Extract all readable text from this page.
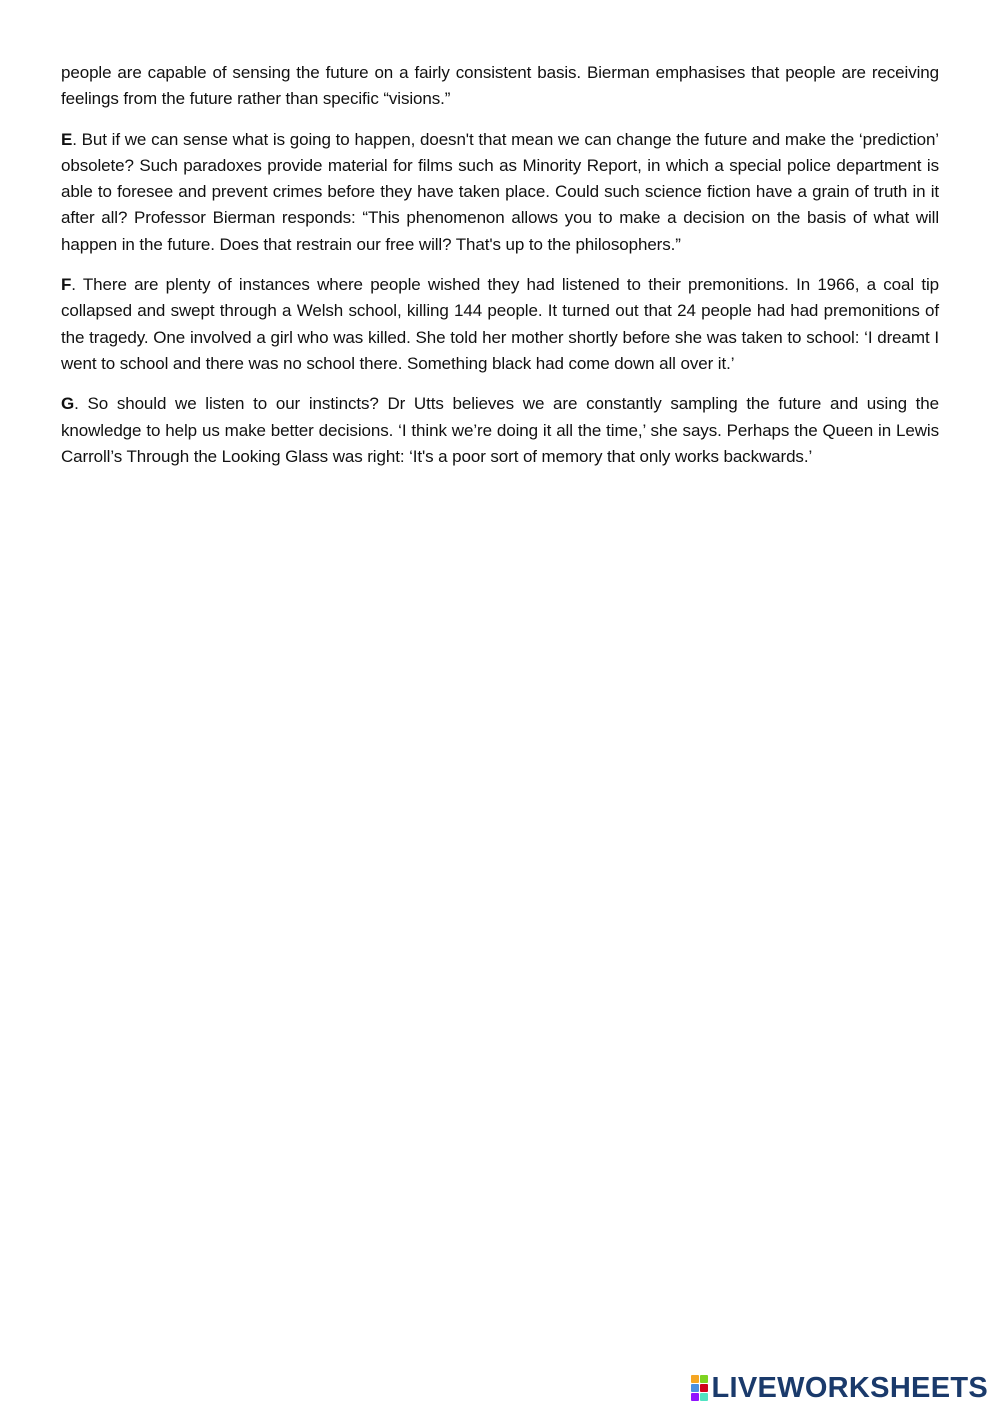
people are capable of sensing the future on a fairly consistent basis. Bierman emphasises that people are receiving feelings from the future rather than specific “visions.”

E. But if we can sense what is going to happen, doesn't that mean we can change the future and make the ‘prediction’ obsolete? Such paradoxes provide material for films such as Minority Report, in which a special police department is able to foresee and prevent crimes before they have taken place. Could such science fiction have a grain of truth in it after all? Professor Bierman responds: “This phenomenon allows you to make a decision on the basis of what will happen in the future. Does that restrain our free will? That's up to the philosophers.”

F. There are plenty of instances where people wished they had listened to their premonitions. In 1966, a coal tip collapsed and swept through a Welsh school, killing 144 people. It turned out that 24 people had had premonitions of the tragedy. One involved a girl who was killed. She told her mother shortly before she was taken to school: ‘I dreamt I went to school and there was no school there. Something black had come down all over it.’

G. So should we listen to our instincts? Dr Utts believes we are constantly sampling the future and using the knowledge to help us make better decisions. ‘I think we’re doing it all the time,’ she says. Perhaps the Queen in Lewis Carroll’s Through the Looking Glass was right: ‘It's a poor sort of memory that only works backwards.’

LIVEWORKSHEETS
